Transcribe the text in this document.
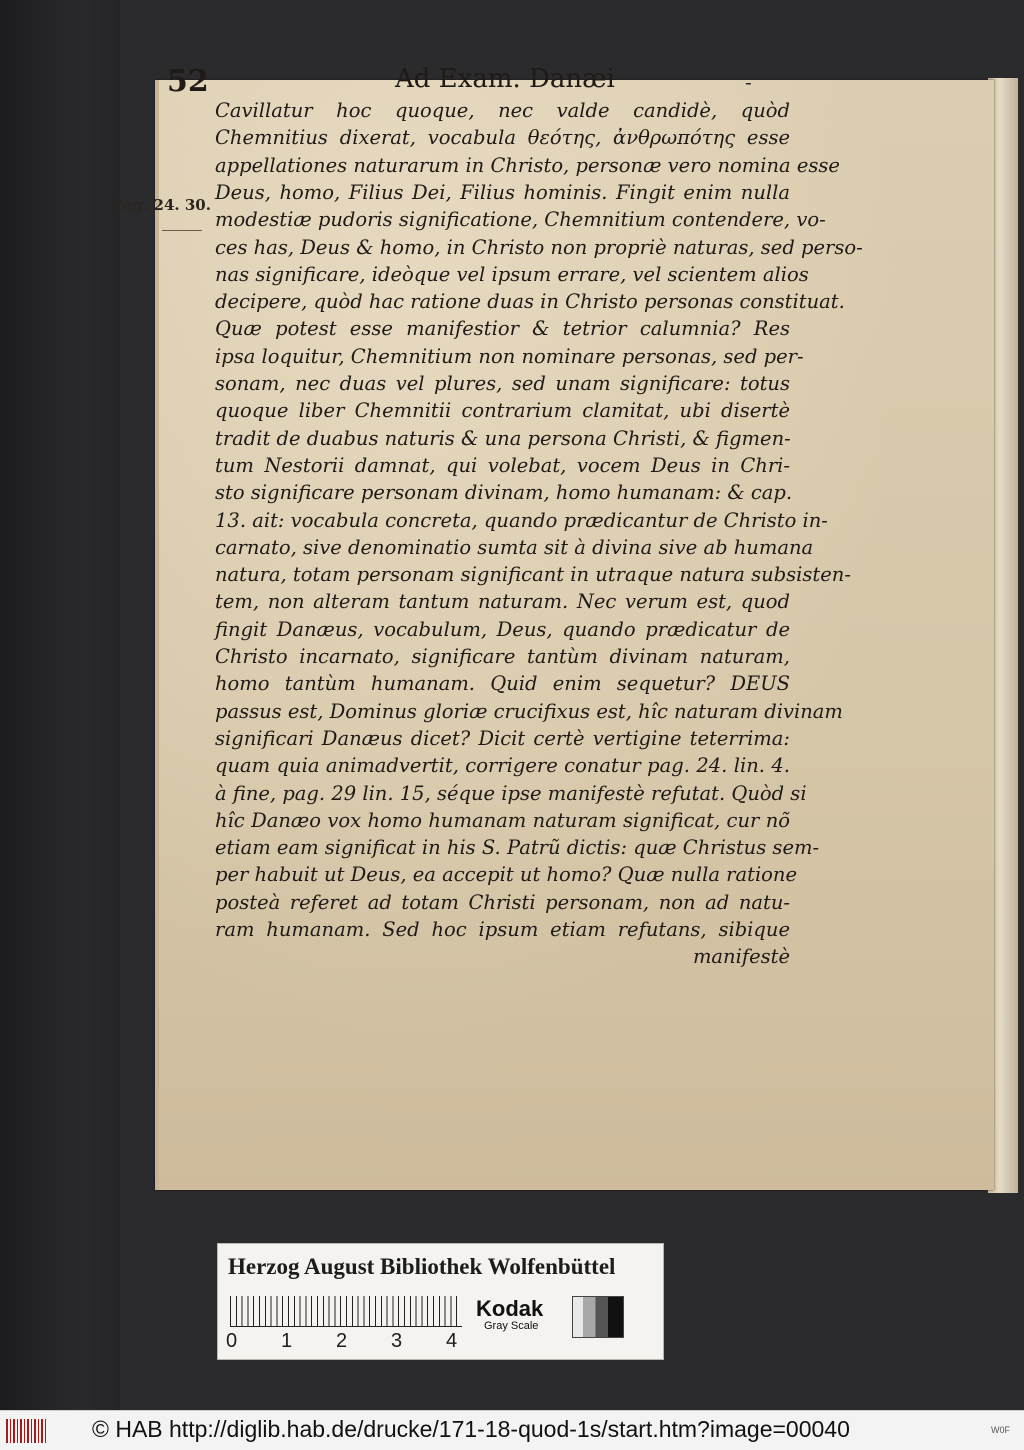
52	Ad Exam. Danæi	-
Pag. 24. 30.
Cavillatur hoc quoque, nec valde candidè, quòd
Chemnitius dixerat, vocabula θεότης, ἀνθρωπότης esse
appellationes naturarum in Christo, personæ vero nomina esse
Deus, homo, Filius Dei, Filius hominis. Fingit enim nulla
modestiæ pudoris significatione, Chemnitium contendere, vo-
ces has, Deus & homo, in Christo non propriè naturas, sed perso-
nas significare, ideòque vel ipsum errare, vel scientem alios
decipere, quòd hac ratione duas in Christo personas constituat.
Quæ potest esse manifestior & tetrior calumnia? Res
ipsa loquitur, Chemnitium non nominare personas, sed per-
sonam, nec duas vel plures, sed unam significare: totus
quoque liber Chemnitii contrarium clamitat, ubi disertè
tradit de duabus naturis & una persona Christi, & figmen-
tum Nestorii damnat, qui volebat, vocem Deus in Chri-
sto significare personam divinam, homo humanam: & cap.
13. ait: vocabula concreta, quando prædicantur de Christo in-
carnato, sive denominatio sumta sit à divina sive ab humana
natura, totam personam significant in utraque natura subsisten-
tem, non alteram tantum naturam. Nec verum est, quod
fingit Danæus, vocabulum, Deus, quando prædicatur de
Christo incarnato, significare tantùm divinam naturam,
homo tantùm humanam. Quid enim sequetur? DEUS
passus est, Dominus gloriæ crucifixus est, hîc naturam divinam
significari Danæus dicet? Dicit certè vertigine teterrima:
quam quia animadvertit, corrigere conatur pag. 24. lin. 4.
à fine, pag. 29 lin. 15, séque ipse manifestè refutat. Quòd si
hîc Danæo vox homo humanam naturam significat, cur nõ
etiam eam significat in his S. Patrũ dictis: quæ Christus sem-
per habuit ut Deus, ea accepit ut homo? Quæ nulla ratione
posteà referet ad totam Christi personam, non ad natu-
ram humanam. Sed hoc ipsum etiam refutans, sibique
manifestè
Herzog August Bibliothek Wolfenbüttel
0 1 2 3 4
Kodak
Gray Scale
© HAB http://diglib.hab.de/drucke/171-18-quod-1s/start.htm?image=00040	W0F
